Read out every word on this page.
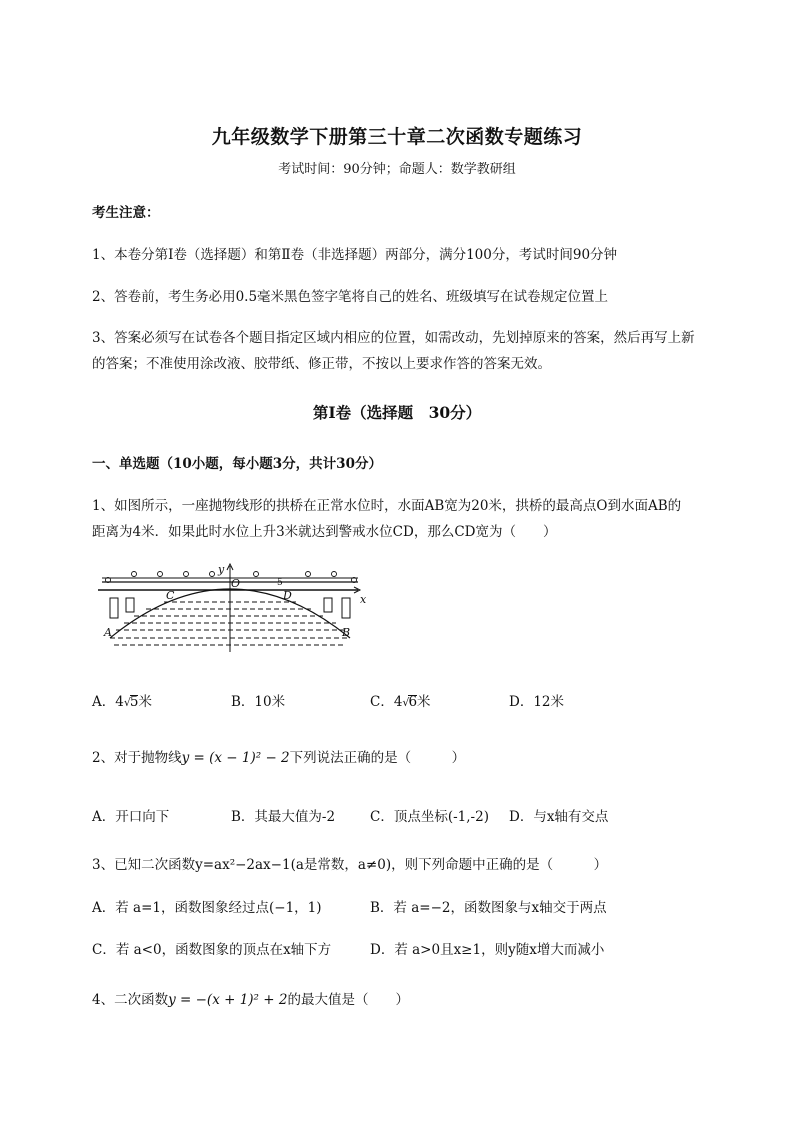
九年级数学下册第三十章二次函数专题练习
考试时间：90分钟；命题人：数学教研组
考生注意：
1、本卷分第I卷（选择题）和第Ⅱ卷（非选择题）两部分，满分100分，考试时间90分钟
2、答卷前，考生务必用0.5毫米黑色签字笔将自己的姓名、班级填写在试卷规定位置上
3、答案必须写在试卷各个题目指定区域内相应的位置，如需改动，先划掉原来的答案，然后再写上新
的答案；不准使用涂改液、胶带纸、修正带，不按以上要求作答的答案无效。
第I卷（选择题　30分）
一、单选题（10小题，每小题3分，共计30分）
1、如图所示，一座抛物线形的拱桥在正常水位时，水面AB宽为20米，拱桥的最高点O到水面AB的
距离为4米．如果此时水位上升3米就达到警戒水位CD，那么CD宽为（　　）
y
O
x
C	D
A	B
5
A．4√5米	B．10米	C．4√6米	D．12米
2、对于抛物线y = (x − 1)² − 2下列说法正确的是（　　　）
A．开口向下	B．其最大值为-2	C．顶点坐标(-1,-2) D．与x轴有交点
3、已知二次函数y=ax²−2ax−1(a是常数，a≠0)，则下列命题中正确的是（　　　）
A．若 a=1，函数图象经过点(−1，1)	B．若 a=−2，函数图象与x轴交于两点
C．若 a<0，函数图象的顶点在x轴下方	D．若 a>0且x≥1，则y随x增大而减小
4、二次函数y = −(x + 1)² + 2的最大值是（　　）
